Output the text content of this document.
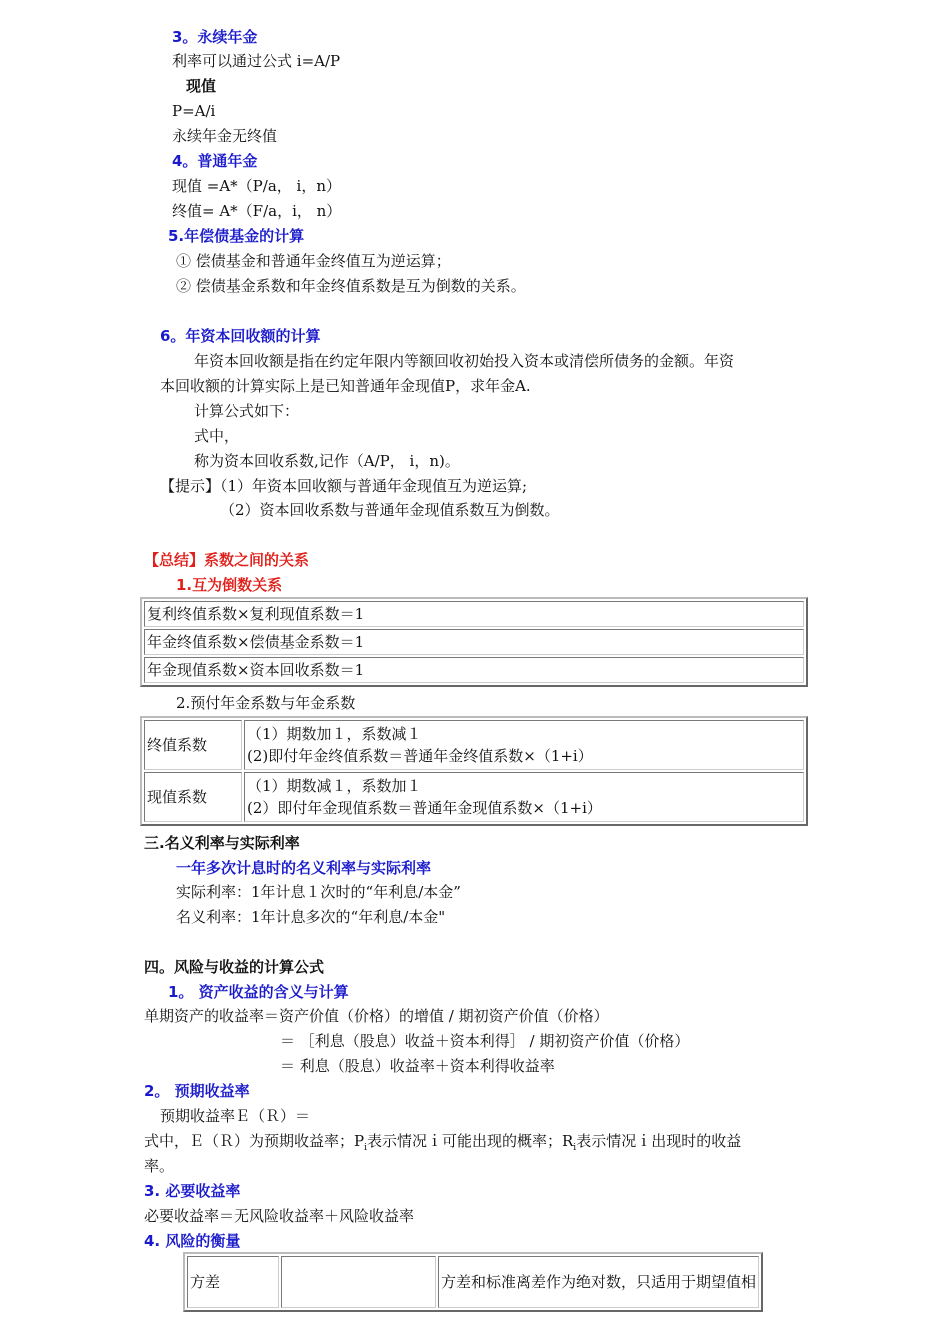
3。永续年金
利率可以通过公式 i=A/P
现值
P=A/i
永续年金无终值
4。普通年金
现值 =A*（P/a， i，n）
终值= A*（F/a，i， n）
5.年偿债基金的计算
① 偿债基金和普通年金终值互为逆运算；
② 偿债基金系数和年金终值系数是互为倒数的关系。
6。年资本回收额的计算
年资本回收额是指在约定年限内等额回收初始投入资本或清偿所债务的金额。年资
本回收额的计算实际上是已知普通年金现值P，求年金A.
计算公式如下：
式中，
称为资本回收系数,记作（A/P， i，n)。
【提示】（1）年资本回收额与普通年金现值互为逆运算;
（2）资本回收系数与普通年金现值系数互为倒数。
【总结】系数之间的关系
1.互为倒数关系
复利终值系数×复利现值系数＝1
年金终值系数×偿债基金系数＝1
年金现值系数×资本回收系数＝1
2.预付年金系数与年金系数
终值系数	（1）期数加１，系数减１
(2)即付年金终值系数＝普通年金终值系数×（1+i）

现值系数	（1）期数减１，系数加１
(2）即付年金现值系数＝普通年金现值系数×（1+i）
三.名义利率与实际利率
一年多次计息时的名义利率与实际利率
实际利率：1年计息１次时的“年利息/本金”
名义利率：1年计息多次的“年利息/本金"
四。风险与收益的计算公式
1。 资产收益的含义与计算
单期资产的收益率＝资产价值（价格）的增值 / 期初资产价值（价格）
＝ ［利息（股息）收益＋资本利得］ / 期初资产价值（价格）
＝ 利息（股息）收益率＋资本利得收益率
2。 预期收益率
预期收益率Ｅ（Ｒ）＝
式中，Ｅ（Ｒ）为预期收益率；$P_i$表示情况ｉ可能出现的概率；$R_i$表示情况ｉ出现时的收益
率。
3. 必要收益率
必要收益率＝无风险收益率＋风险收益率
4. 风险的衡量
方差		方差和标准离差作为绝对数，只适用于期望值相
